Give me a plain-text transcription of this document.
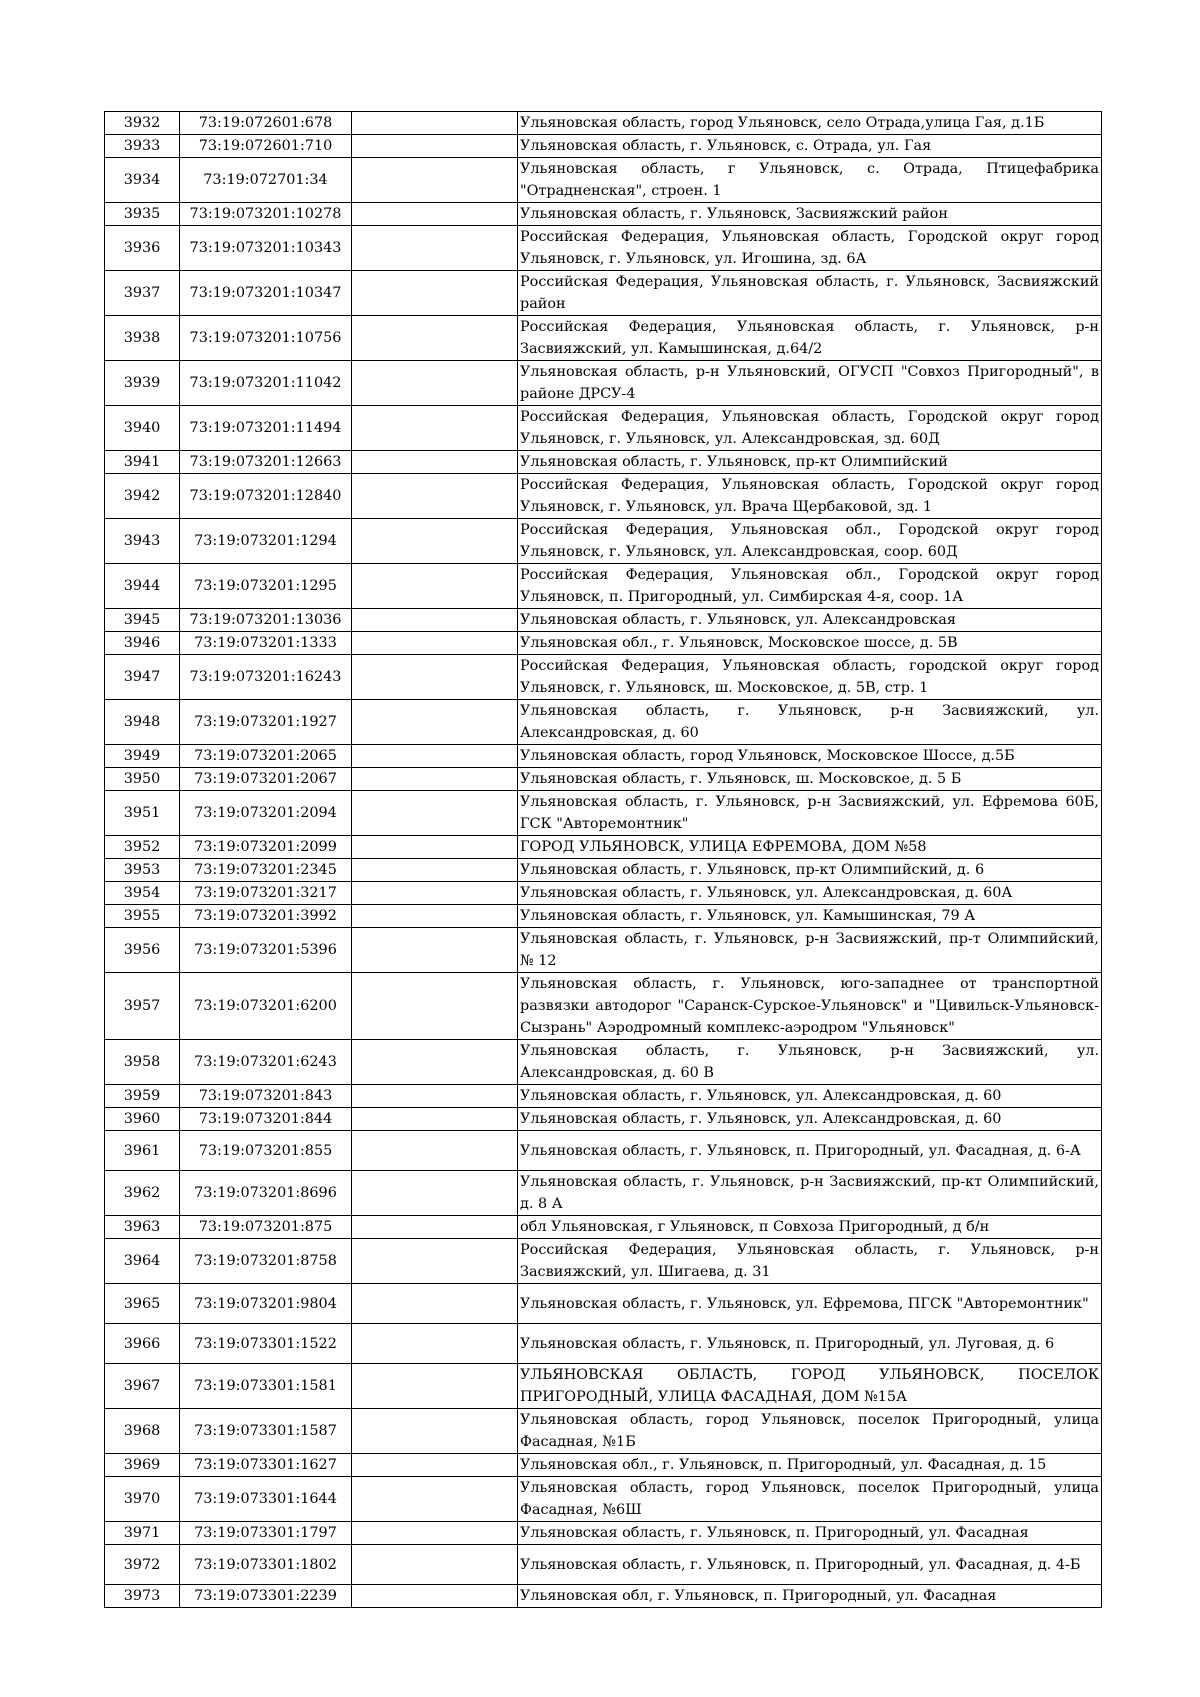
3932	73:19:072601:678		Ульяновская область, город Ульяновск, село Отрада,улица Гая, д.1Б
3933	73:19:072601:710		Ульяновская область, г. Ульяновск, с. Отрада, ул. Гая
3934	73:19:072701:34		Ульяновская область, г Ульяновск, с. Отрада, Птицефабрика "Отрадненская", строен. 1
3935	73:19:073201:10278		Ульяновская область, г. Ульяновск, Засвияжский район
3936	73:19:073201:10343		Российская Федерация, Ульяновская область, Городской округ город Ульяновск, г. Ульяновск, ул. Игошина, зд. 6А
3937	73:19:073201:10347		Российская Федерация, Ульяновская область, г. Ульяновск, Засвияжский район
3938	73:19:073201:10756		Российская Федерация, Ульяновская область, г. Ульяновск, р-н Засвияжский, ул. Камышинская, д.64/2
3939	73:19:073201:11042		Ульяновская область, р-н Ульяновский, ОГУСП "Совхоз Пригородный", в районе ДРСУ-4
3940	73:19:073201:11494		Российская Федерация, Ульяновская область, Городской округ город Ульяновск, г. Ульяновск, ул. Александровская, зд. 60Д
3941	73:19:073201:12663		Ульяновская область, г. Ульяновск, пр-кт Олимпийский
3942	73:19:073201:12840		Российская Федерация, Ульяновская область, Городской округ город Ульяновск, г. Ульяновск, ул. Врача Щербаковой, зд. 1
3943	73:19:073201:1294		Российская Федерация, Ульяновская обл., Городской округ город Ульяновск, г. Ульяновск, ул. Александровская, соор. 60Д
3944	73:19:073201:1295		Российская Федерация, Ульяновская обл., Городской округ город Ульяновск, п. Пригородный, ул. Симбирская 4-я, соор. 1А
3945	73:19:073201:13036		Ульяновская область, г. Ульяновск, ул. Александровская
3946	73:19:073201:1333		Ульяновская обл., г. Ульяновск, Московское шоссе, д. 5В
3947	73:19:073201:16243		Российская Федерация, Ульяновская область, городской округ город Ульяновск, г. Ульяновск, ш. Московское, д. 5В, стр. 1
3948	73:19:073201:1927		Ульяновская область, г. Ульяновск, р-н Засвияжский, ул. Александровская, д. 60
3949	73:19:073201:2065		Ульяновская область, город Ульяновск, Московское Шоссе, д.5Б
3950	73:19:073201:2067		Ульяновская область, г. Ульяновск, ш. Московское, д. 5 Б
3951	73:19:073201:2094		Ульяновская область, г. Ульяновск, р-н Засвияжский, ул. Ефремова 60Б, ГСК "Авторемонтник"
3952	73:19:073201:2099		ГОРОД УЛЬЯНОВСК, УЛИЦА ЕФРЕМОВА, ДОМ №58
3953	73:19:073201:2345		Ульяновская область, г. Ульяновск, пр-кт Олимпийский, д. 6
3954	73:19:073201:3217		Ульяновская область, г. Ульяновск, ул. Александровская, д. 60А
3955	73:19:073201:3992		Ульяновская область, г. Ульяновск, ул. Камышинская, 79 А
3956	73:19:073201:5396		Ульяновская область, г. Ульяновск, р-н Засвияжский, пр-т Олимпийский, № 12
3957	73:19:073201:6200		Ульяновская область, г. Ульяновск, юго-западнее от транспортной развязки автодорог "Саранск-Сурское-Ульяновск" и "Цивильск-Ульяновск-Сызрань" Аэродромный комплекс-аэродром "Ульяновск"
3958	73:19:073201:6243		Ульяновская область, г. Ульяновск, р-н Засвияжский, ул. Александровская, д. 60 В
3959	73:19:073201:843		Ульяновская область, г. Ульяновск, ул. Александровская, д. 60
3960	73:19:073201:844		Ульяновская область, г. Ульяновск, ул. Александровская, д. 60
3961	73:19:073201:855		Ульяновская область, г. Ульяновск, п. Пригородный, ул. Фасадная, д. 6-А
3962	73:19:073201:8696		Ульяновская область, г. Ульяновск, р-н Засвияжский, пр-кт Олимпийский, д. 8 А
3963	73:19:073201:875		обл Ульяновская, г Ульяновск, п Совхоза Пригородный, д б/н
3964	73:19:073201:8758		Российская Федерация, Ульяновская область, г. Ульяновск, р-н Засвияжский, ул. Шигаева, д. 31
3965	73:19:073201:9804		Ульяновская область, г. Ульяновск, ул. Ефремова, ПГСК "Авторемонтник"
3966	73:19:073301:1522		Ульяновская область, г. Ульяновск, п. Пригородный, ул. Луговая, д. 6
3967	73:19:073301:1581		УЛЬЯНОВСКАЯ ОБЛАСТЬ, ГОРОД УЛЬЯНОВСК, ПОСЕЛОК ПРИГОРОДНЫЙ, УЛИЦА ФАСАДНАЯ, ДОМ №15А
3968	73:19:073301:1587		Ульяновская область, город Ульяновск, поселок Пригородный, улица Фасадная, №1Б
3969	73:19:073301:1627		Ульяновская обл., г. Ульяновск, п. Пригородный, ул. Фасадная, д. 15
3970	73:19:073301:1644		Ульяновская область, город Ульяновск, поселок Пригородный, улица Фасадная, №6Ш
3971	73:19:073301:1797		Ульяновская область, г. Ульяновск, п. Пригородный, ул. Фасадная
3972	73:19:073301:1802		Ульяновская область, г. Ульяновск, п. Пригородный, ул. Фасадная, д. 4-Б
3973	73:19:073301:2239		Ульяновская обл, г. Ульяновск, п. Пригородный, ул. Фасадная
